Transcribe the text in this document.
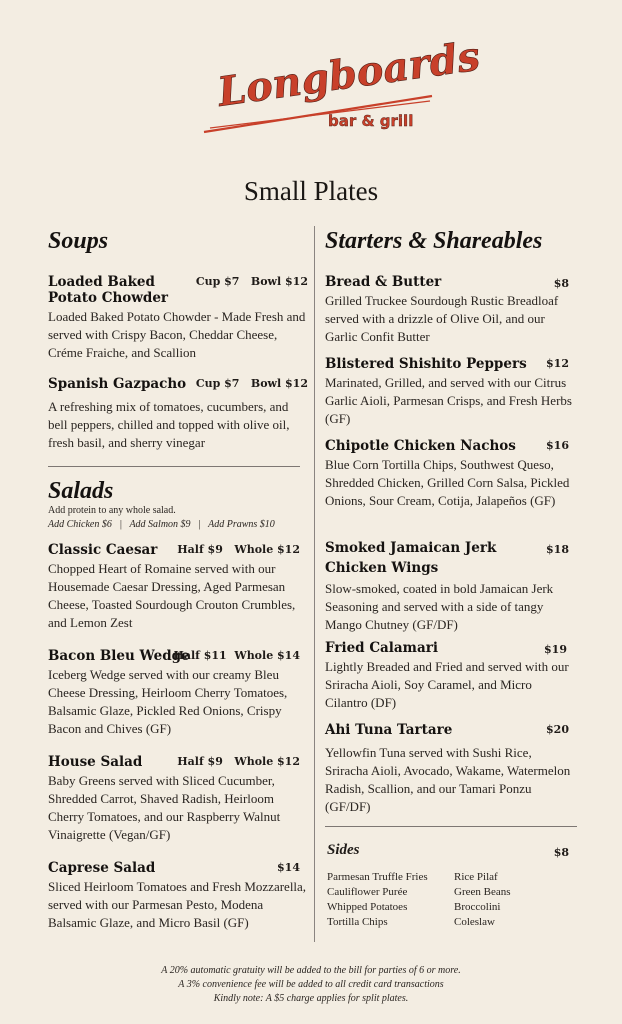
Longboards
bar & grill
Small Plates
Soups
Loaded Baked
Potato Chowder
Cup $7   Bowl $12
Loaded Baked Potato Chowder - Made Fresh and served with Crispy Bacon, Cheddar Cheese, Créme Fraiche, and Scallion
Spanish Gazpacho Cup $7   Bowl $12
A refreshing mix of tomatoes, cucumbers, and bell peppers, chilled and topped with olive oil, fresh basil, and sherry vinegar
Salads
Add protein to any whole salad.
Add Chicken $6   |   Add Salmon $9   |   Add Prawns $10
Classic Caesar	Half $9   Whole $12
Chopped Heart of Romaine served with our Housemade Caesar Dressing, Aged Parmesan Cheese, Toasted Sourdough Crouton Crumbles, and Lemon Zest
Bacon Bleu Wedge
Half $11  Whole $14
Iceberg Wedge served with our creamy Bleu Cheese Dressing, Heirloom Cherry Tomatoes, Balsamic Glaze, Pickled Red Onions, Crispy Bacon and Chives (GF)
House Salad	Half $9   Whole $12
Baby Greens served with Sliced Cucumber, Shredded Carrot, Shaved Radish, Heirloom Cherry Tomatoes, and our Raspberry Walnut Vinaigrette (Vegan/GF)
Caprese Salad	$14
Sliced Heirloom Tomatoes and Fresh Mozzarella, served with our Parmesan Pesto, Modena Balsamic Glaze, and Micro Basil (GF)
Starters & Shareables
Bread & Butter	$8
Grilled Truckee Sourdough Rustic Breadloaf served with a drizzle of Olive Oil, and our Garlic Confit Butter
Blistered Shishito Peppers	$12
Marinated, Grilled, and served with our Citrus Garlic Aioli, Parmesan Crisps, and Fresh Herbs (GF)
Chipotle Chicken Nachos	$16
Blue Corn Tortilla Chips, Southwest Queso, Shredded Chicken, Grilled Corn Salsa, Pickled Onions, Sour Cream, Cotija, Jalapeños (GF)
Smoked Jamaican Jerk
Chicken Wings
$18
Slow-smoked, coated in bold Jamaican Jerk Seasoning and served with a side of tangy Mango Chutney (GF/DF)
Fried Calamari	$19
Lightly Breaded and Fried and served with our Sriracha Aioli, Soy Caramel, and Micro Cilantro (DF)
Ahi Tuna Tartare	$20
Yellowfin Tuna served with Sushi Rice, Sriracha Aioli, Avocado, Wakame, Watermelon Radish, Scallion, and our Tamari Ponzu (GF/DF)
Sides	$8
Parmesan Truffle Fries
Cauliflower Purée
Whipped Potatoes
Tortilla Chips
Rice Pilaf
Green Beans
Broccolini
Coleslaw
A 20% automatic gratuity will be added to the bill for parties of 6 or more.
A 3% convenience fee will be added to all credit card transactions
Kindly note: A $5 charge applies for split plates.
